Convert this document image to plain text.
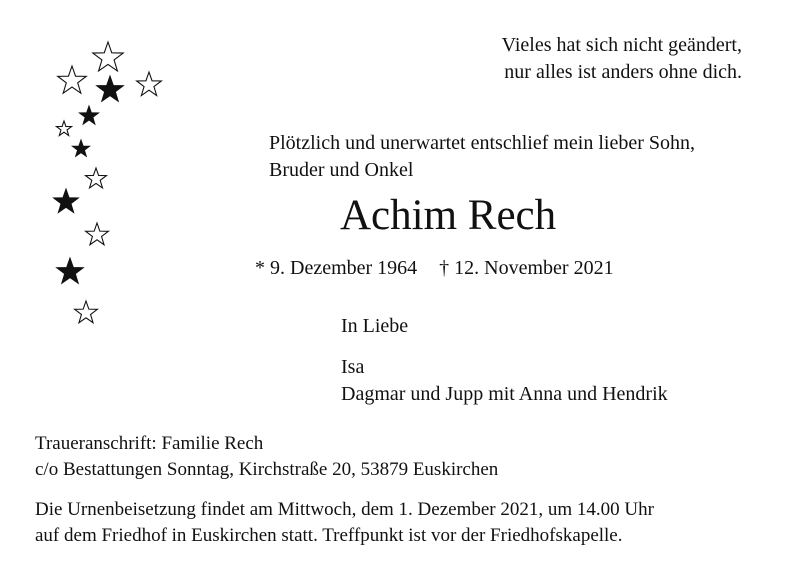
Vieles hat sich nicht geändert,
nur alles ist anders ohne dich.
Plötzlich und unerwartet entschlief mein lieber Sohn,
Bruder und Onkel
Achim Rech
* 9. Dezember 1964 † 12. November 2021
In Liebe
Isa
Dagmar und Jupp mit Anna und Hendrik
Traueranschrift: Familie Rech
c/o Bestattungen Sonntag, Kirchstraße 20, 53879 Euskirchen
Die Urnenbeisetzung findet am Mittwoch, dem 1. Dezember 2021, um 14.00 Uhr
auf dem Friedhof in Euskirchen statt. Treffpunkt ist vor der Friedhofskapelle.
